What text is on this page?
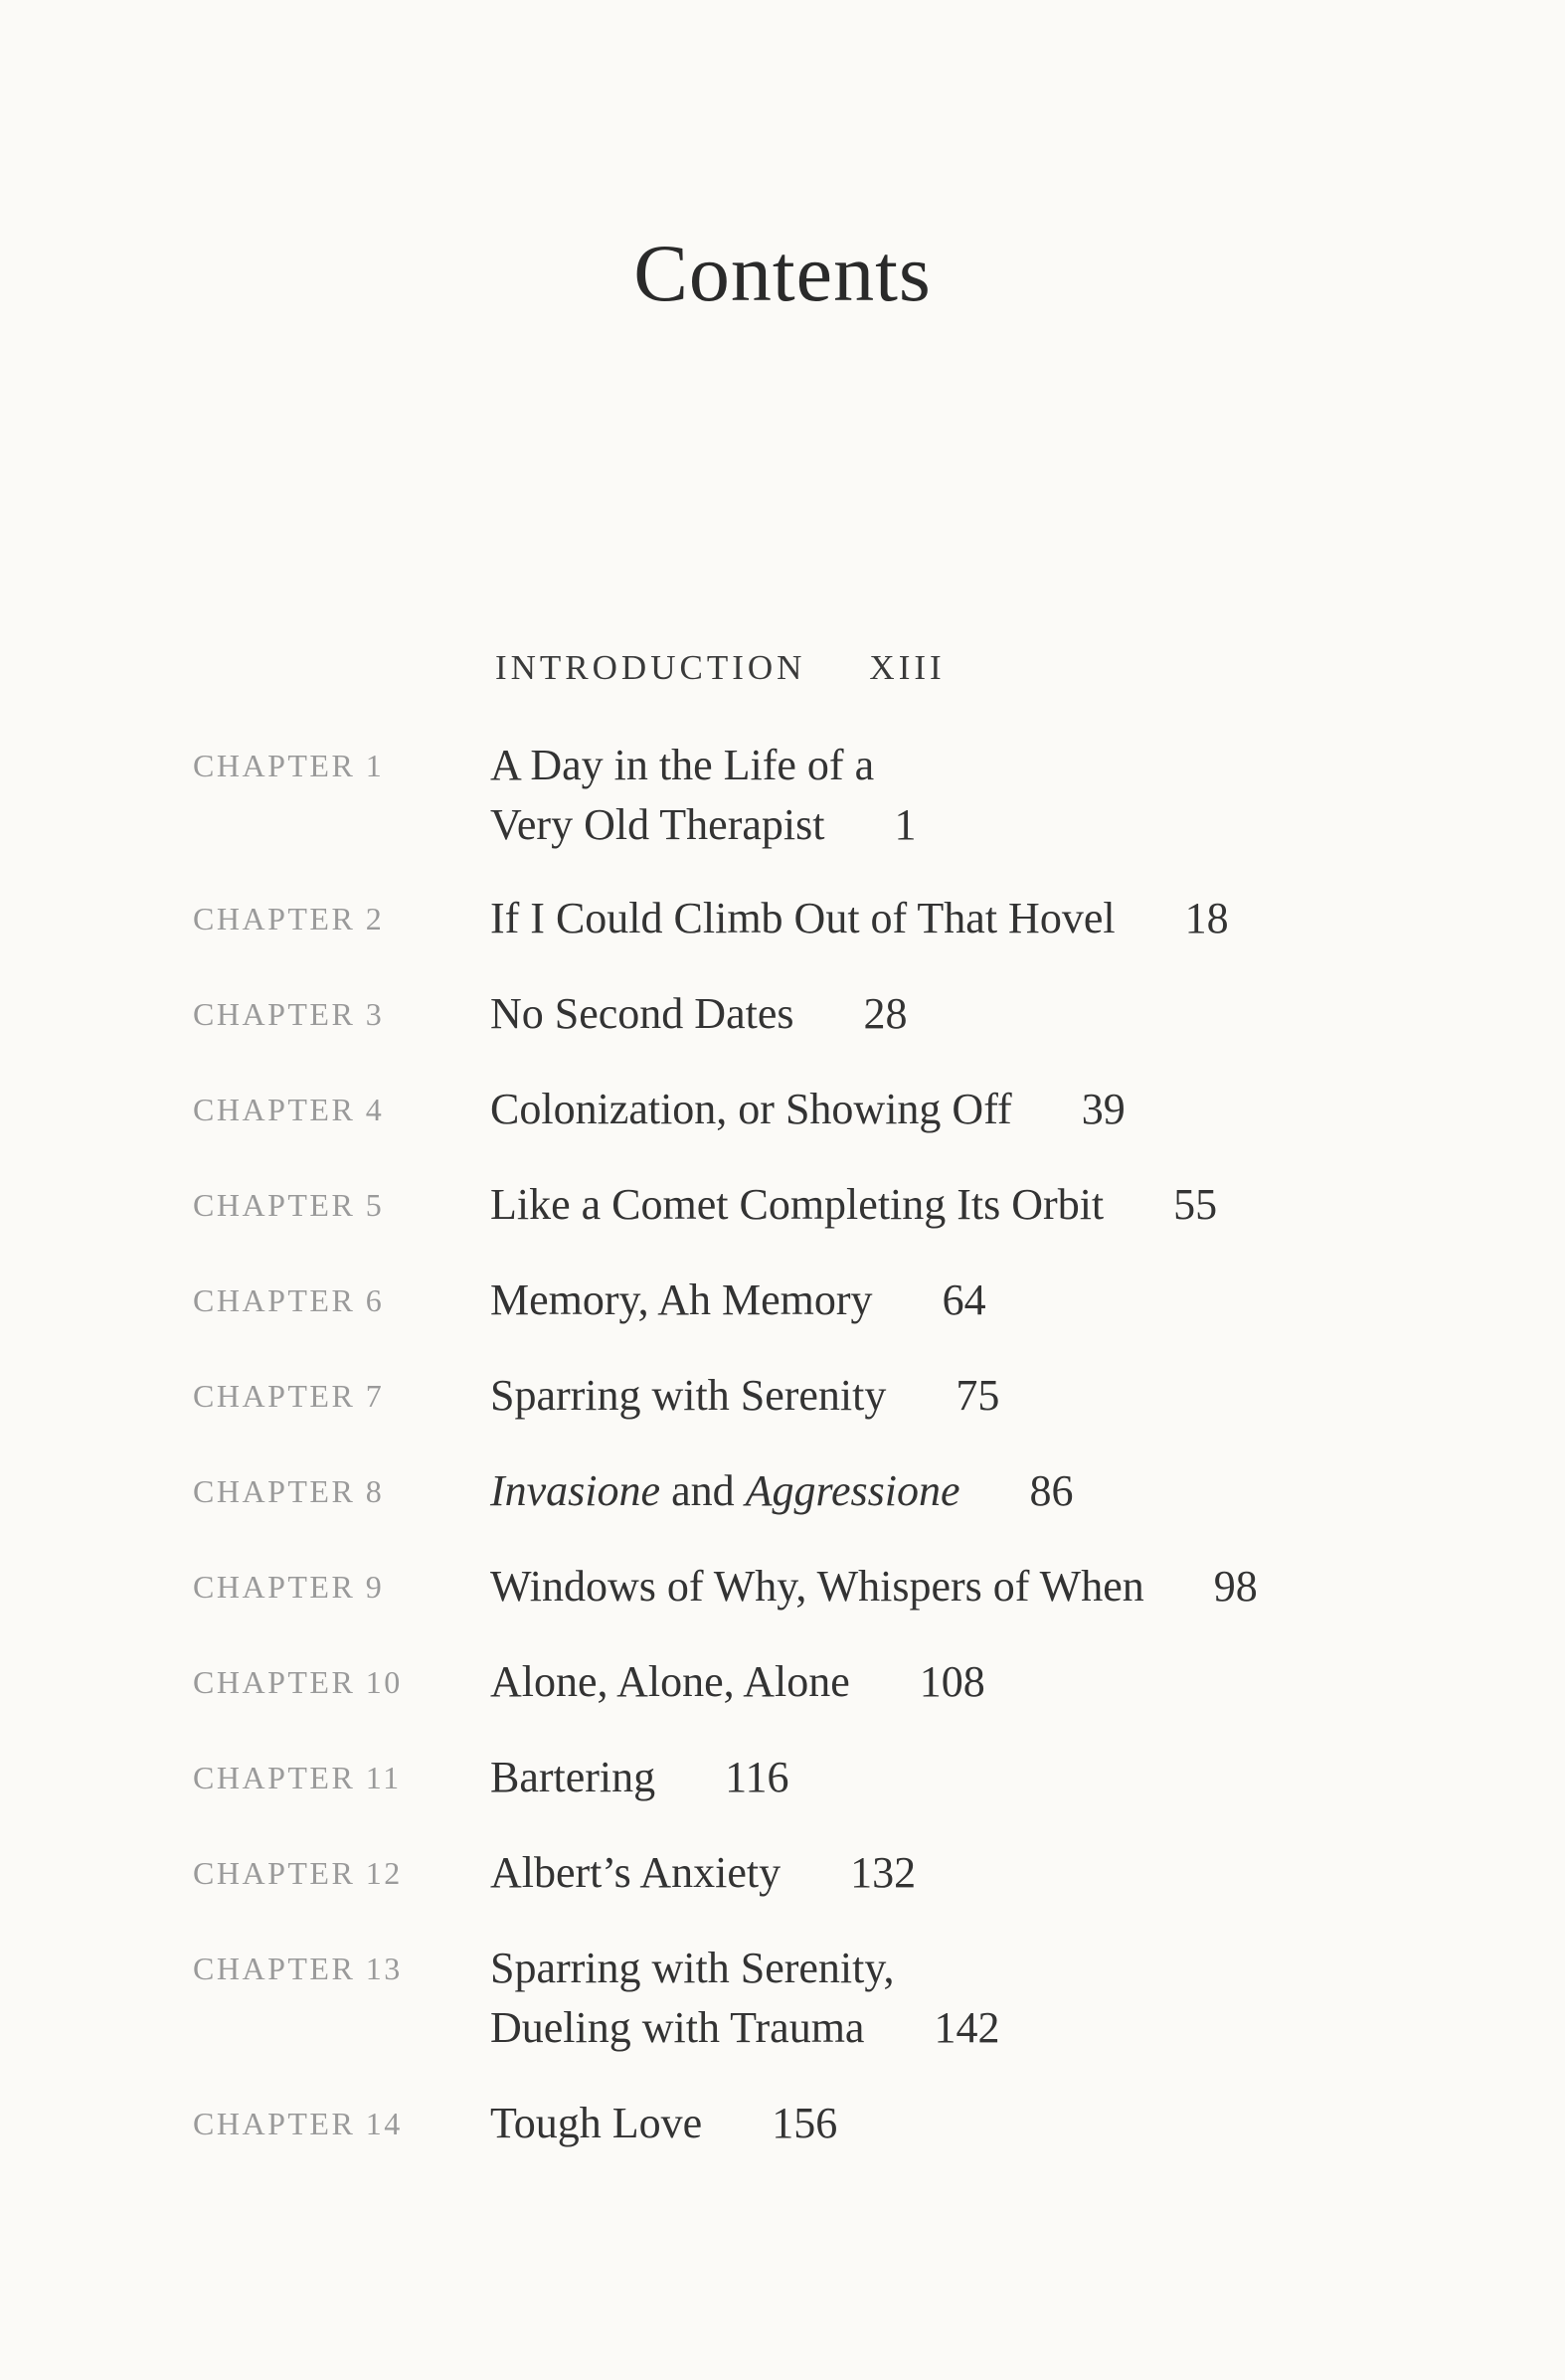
Contents
INTRODUCTION XIII
CHAPTER 1 A Day in the Life of a
Very Old Therapist 1
CHAPTER 2 If I Could Climb Out of That Hovel 18
CHAPTER 3 No Second Dates 28
CHAPTER 4 Colonization, or Showing Off 39
CHAPTER 5 Like a Comet Completing Its Orbit 55
CHAPTER 6 Memory, Ah Memory 64
CHAPTER 7 Sparring with Serenity 75
CHAPTER 8 Invasione and Aggressione 86
CHAPTER 9 Windows of Why, Whispers of When 98
CHAPTER 10 Alone, Alone, Alone 108
CHAPTER 11 Bartering 116
CHAPTER 12 Albert’s Anxiety 132
CHAPTER 13 Sparring with Serenity,
Dueling with Trauma 142
CHAPTER 14 Tough Love 156
